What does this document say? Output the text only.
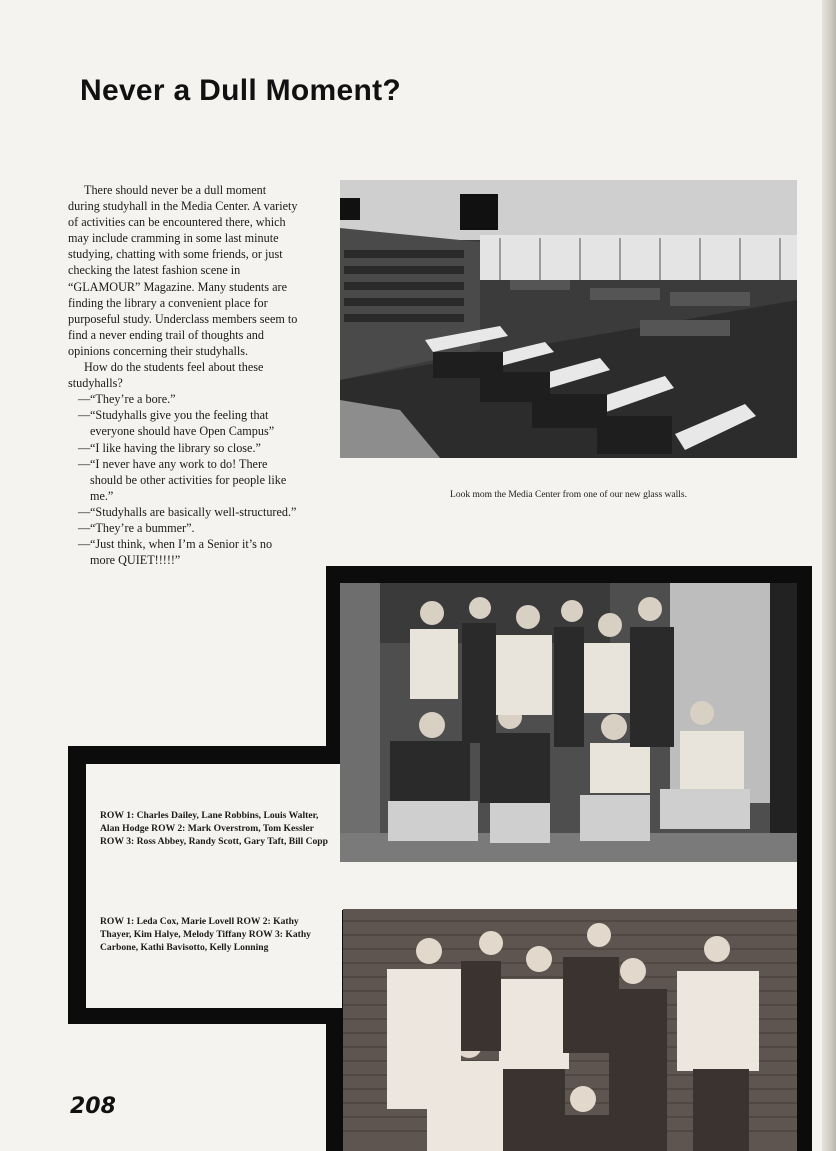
Never a Dull Moment?

There should never be a dull moment during studyhall in the Media Center. A variety of activities can be encountered there, which may include cramming in some last minute studying, chatting with some friends, or just checking the latest fashion scene in “GLAMOUR” Magazine. Many students are finding the library a convenient place for purposeful study. Underclass members seem to find a never ending trail of thoughts and opinions concerning their studyhalls.

How do the students feel about these studyhalls?

—“They’re a bore.”
—“Studyhalls give you the feeling that everyone should have Open Campus”
—“I like having the library so close.”
—“I never have any work to do! There should be other activities for people like me.”
—“Studyhalls are basically well-structured.”
—“They’re a bummer”.
—“Just think, when I’m a Senior it’s no more QUIET!!!!!”
Look mom the Media Center from one of our new glass walls.
ROW 1: Charles Dailey, Lane Robbins, Louis Walter, Alan Hodge ROW 2: Mark Overstrom, Tom Kessler ROW 3: Ross Abbey, Randy Scott, Gary Taft, Bill Copp
ROW 1: Leda Cox, Marie Lovell ROW 2: Kathy Thayer, Kim Halye, Melody Tiffany ROW 3: Kathy Carbone, Kathi Bavisotto, Kelly Lonning
208
